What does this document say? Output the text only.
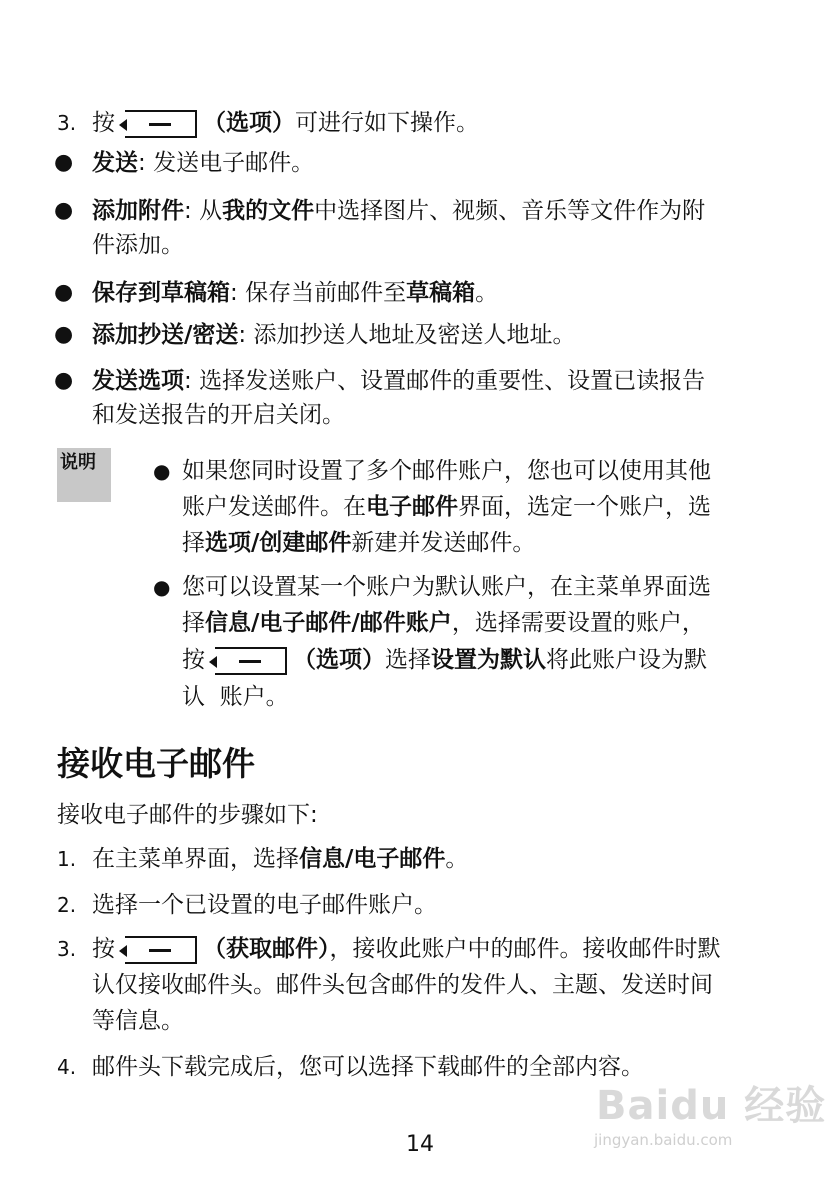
3. 按	（选项）可进行如下操作。
● 发送: 发送电子邮件。
● 添加附件: 从我的文件中选择图片、视频、音乐等文件作为附
件添加。
● 保存到草稿箱: 保存当前邮件至草稿箱。
● 添加抄送/密送: 添加抄送人地址及密送人地址。
● 发送选项: 选择发送账户、设置邮件的重要性、设置已读报告
和发送报告的开启关闭。
说明	● 如果您同时设置了多个邮件账户，您也可以使用其他
账户发送邮件。在电子邮件界面，选定一个账户，选
择选项/创建邮件新建并发送邮件。
● 您可以设置某一个账户为默认账户，在主菜单界面选
择信息/电子邮件/邮件账户，选择需要设置的账户，
按	（选项）选择设置为默认将此账户设为默
认  账户。
接收电子邮件
接收电子邮件的步骤如下:
1. 在主菜单界面，选择信息/电子邮件。
2. 选择一个已设置的电子邮件账户。
3. 按	（获取邮件），接收此账户中的邮件。接收邮件时默
认仅接收邮件头。邮件头包含邮件的发件人、主题、发送时间
等信息。
4. 邮件头下载完成后，您可以选择下载邮件的全部内容。
Baidu 经验
jingyan.baidu.com
14
